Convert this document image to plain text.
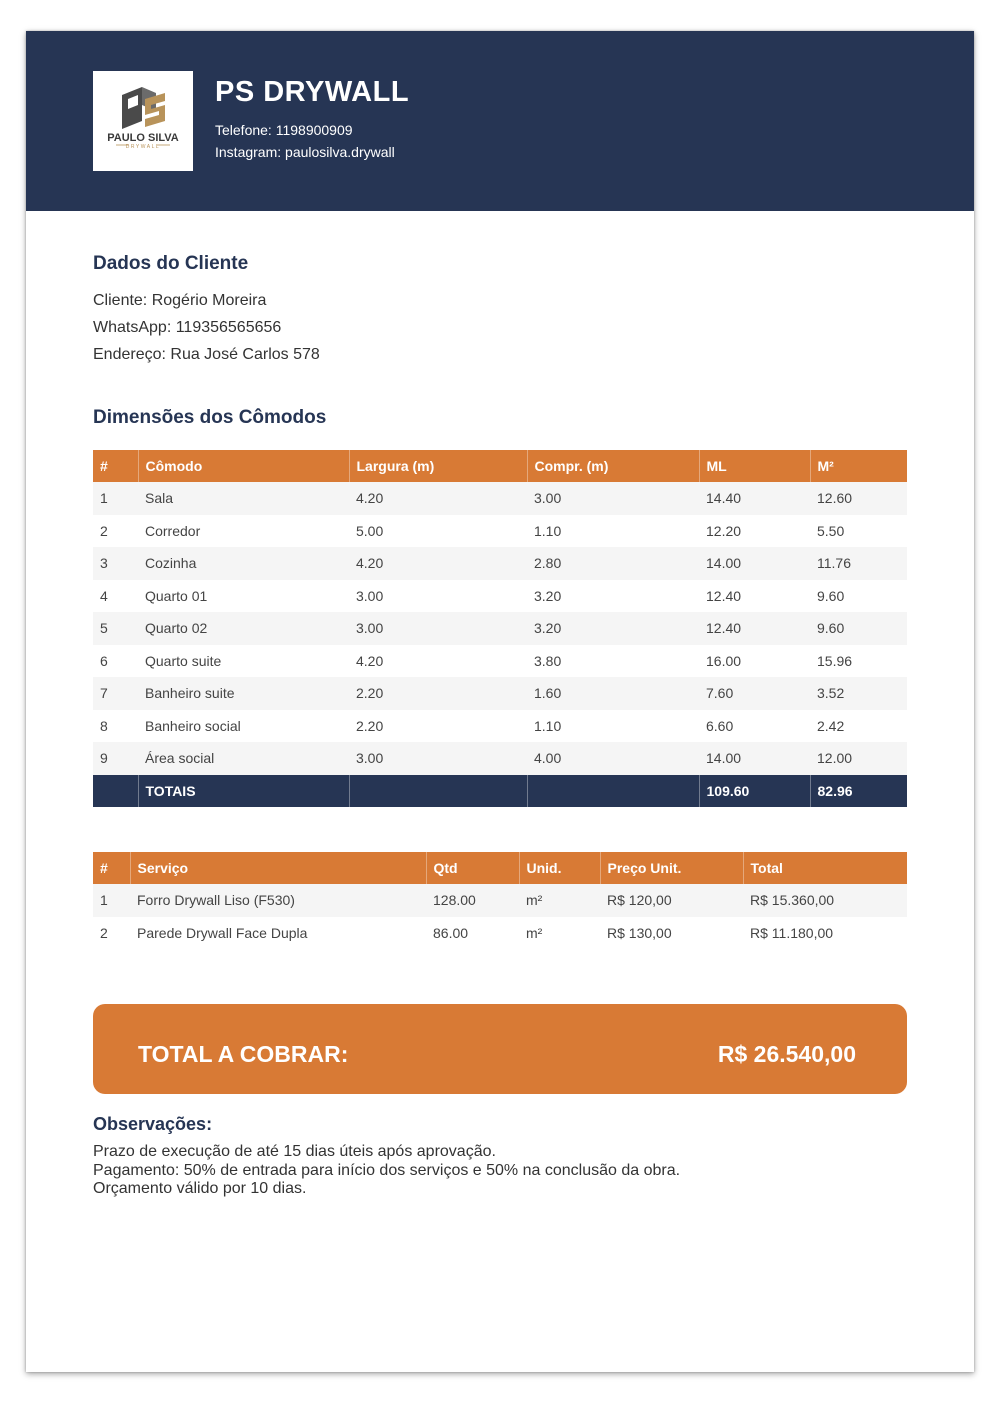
PAULO SILVA
DRYWALL
PS DRYWALL
Telefone: 1198900909
Instagram: paulosilva.drywall
Dados do Cliente
Cliente: Rogério Moreira
WhatsApp: 119356565656
Endereço: Rua José Carlos 578
Dimensões dos Cômodos
#	Cômodo	Largura (m)	Compr. (m)	ML	M²
1	Sala	4.20	3.00	14.40	12.60
2	Corredor	5.00	1.10	12.20	5.50
3	Cozinha	4.20	2.80	14.00	11.76
4	Quarto 01	3.00	3.20	12.40	9.60
5	Quarto 02	3.00	3.20	12.40	9.60
6	Quarto suite	4.20	3.80	16.00	15.96
7	Banheiro suite	2.20	1.60	7.60	3.52
8	Banheiro social	2.20	1.10	6.60	2.42
9	Área social	3.00	4.00	14.00	12.00
	TOTAIS			109.60	82.96
#	Serviço	Qtd	Unid.	Preço Unit.	Total
1	Forro Drywall Liso (F530)	128.00	m²	R$ 120,00	R$ 15.360,00
2	Parede Drywall Face Dupla	86.00	m²	R$ 130,00	R$ 11.180,00
TOTAL A COBRAR:	R$ 26.540,00
Observações:
Prazo de execução de até 15 dias úteis após aprovação.
Pagamento: 50% de entrada para início dos serviços e 50% na conclusão da obra.
Orçamento válido por 10 dias.
